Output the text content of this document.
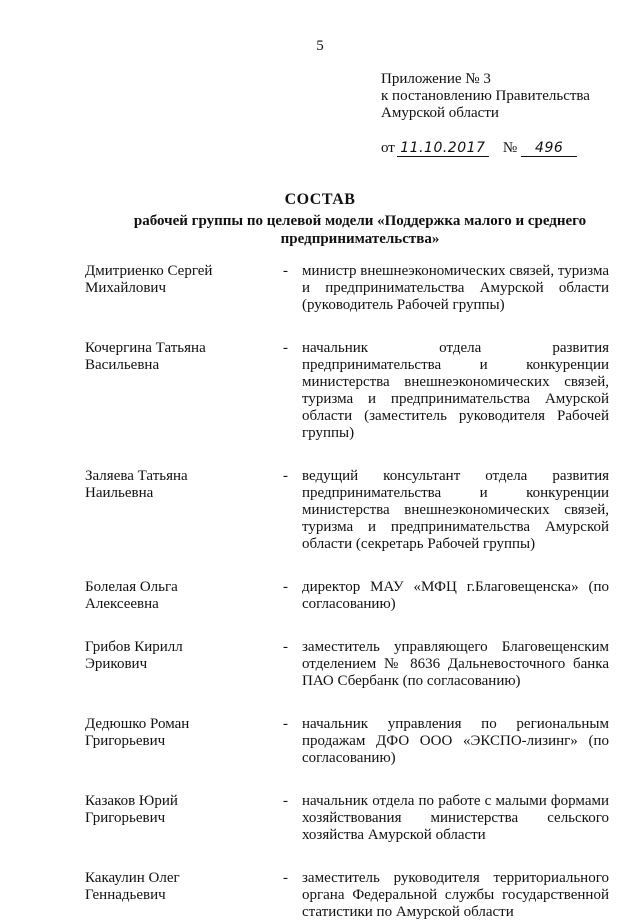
5
Приложение № 3
к постановлению Правительства
Амурской области
от 11.10.2017 № 496
СОСТАВ
рабочей группы по целевой модели «Поддержка малого и среднего предпринимательства»
Дмитриенко Сергей
Михайлович
- министр внешнеэкономических связей, туризма и предпринимательства Амурской области (руководитель Рабочей группы)
Кочергина Татьяна
Васильевна
- начальник отдела развития предпринимательства и конкуренции министерства внешнеэкономических связей, туризма и предпринимательства Амурской области (заместитель руководителя Рабочей группы)
Заляева Татьяна
Наильевна
- ведущий консультант отдела развития предпринимательства и конкуренции министерства внешнеэкономических связей, туризма и предпринимательства Амурской области (секретарь Рабочей группы)
Болелая Ольга
Алексеевна
- директор МАУ «МФЦ г.Благовещенска» (по согласованию)
Грибов Кирилл
Эрикович
- заместитель управляющего Благовещенским отделением № 8636 Дальневосточного банка ПАО Сбербанк (по согласованию)
Дедюшко Роман
Григорьевич
- начальник управления по региональным продажам ДФО ООО «ЭКСПО-лизинг» (по согласованию)
Казаков Юрий
Григорьевич
- начальник отдела по работе с малыми формами хозяйствования министерства сельского хозяйства Амурской области
Какаулин Олег
Геннадьевич
- заместитель руководителя территориального органа Федеральной службы государственной статистики по Амурской области
